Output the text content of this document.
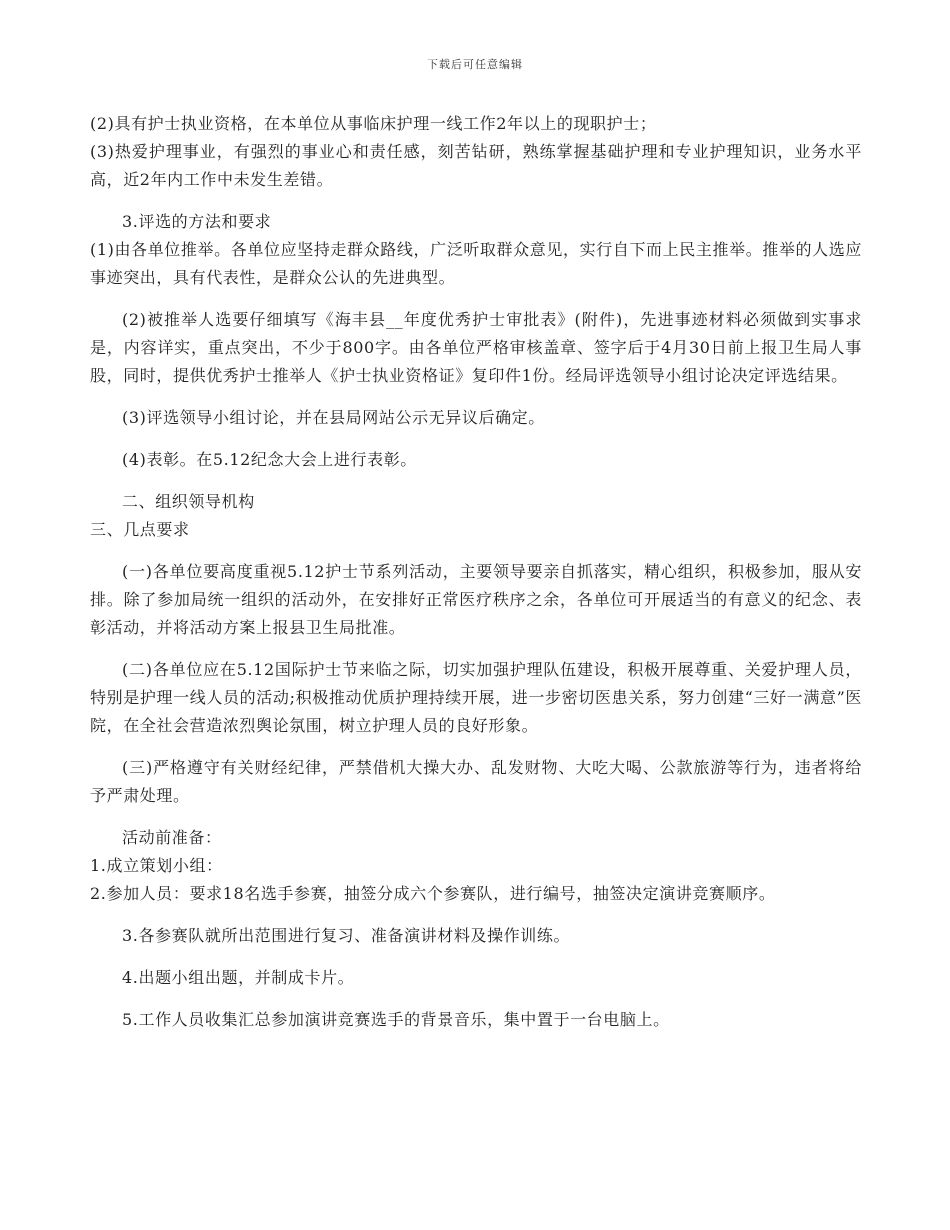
下载后可任意编辑

(2)具有护士执业资格，在本单位从事临床护理一线工作2年以上的现职护士；

(3)热爱护理事业，有强烈的事业心和责任感，刻苦钻研，熟练掌握基础护理和专业护理知识，业务水平高，近2年内工作中未发生差错。

3.评选的方法和要求

(1)由各单位推举。各单位应坚持走群众路线，广泛听取群众意见，实行自下而上民主推举。推举的人选应事迹突出，具有代表性，是群众公认的先进典型。

(2)被推举人选要仔细填写《海丰县__年度优秀护士审批表》(附件)，先进事迹材料必须做到实事求是，内容详实，重点突出，不少于800字。由各单位严格审核盖章、签字后于4月30日前上报卫生局人事股，同时，提供优秀护士推举人《护士执业资格证》复印件1份。经局评选领导小组讨论决定评选结果。

(3)评选领导小组讨论，并在县局网站公示无异议后确定。

(4)表彰。在5.12纪念大会上进行表彰。

二、组织领导机构

三、几点要求

(一)各单位要高度重视5.12护士节系列活动，主要领导要亲自抓落实，精心组织，积极参加，服从安排。除了参加局统一组织的活动外，在安排好正常医疗秩序之余，各单位可开展适当的有意义的纪念、表彰活动，并将活动方案上报县卫生局批准。

(二)各单位应在5.12国际护士节来临之际，切实加强护理队伍建设，积极开展尊重、关爱护理人员，特别是护理一线人员的活动;积极推动优质护理持续开展，进一步密切医患关系，努力创建“三好一满意”医院，在全社会营造浓烈舆论氛围，树立护理人员的良好形象。

(三)严格遵守有关财经纪律，严禁借机大操大办、乱发财物、大吃大喝、公款旅游等行为，违者将给予严肃处理。

活动前准备：

1.成立策划小组：

2.参加人员：要求18名选手参赛，抽签分成六个参赛队，进行编号，抽签决定演讲竞赛顺序。

3.各参赛队就所出范围进行复习、准备演讲材料及操作训练。

4.出题小组出题，并制成卡片。

5.工作人员收集汇总参加演讲竞赛选手的背景音乐，集中置于一台电脑上。
